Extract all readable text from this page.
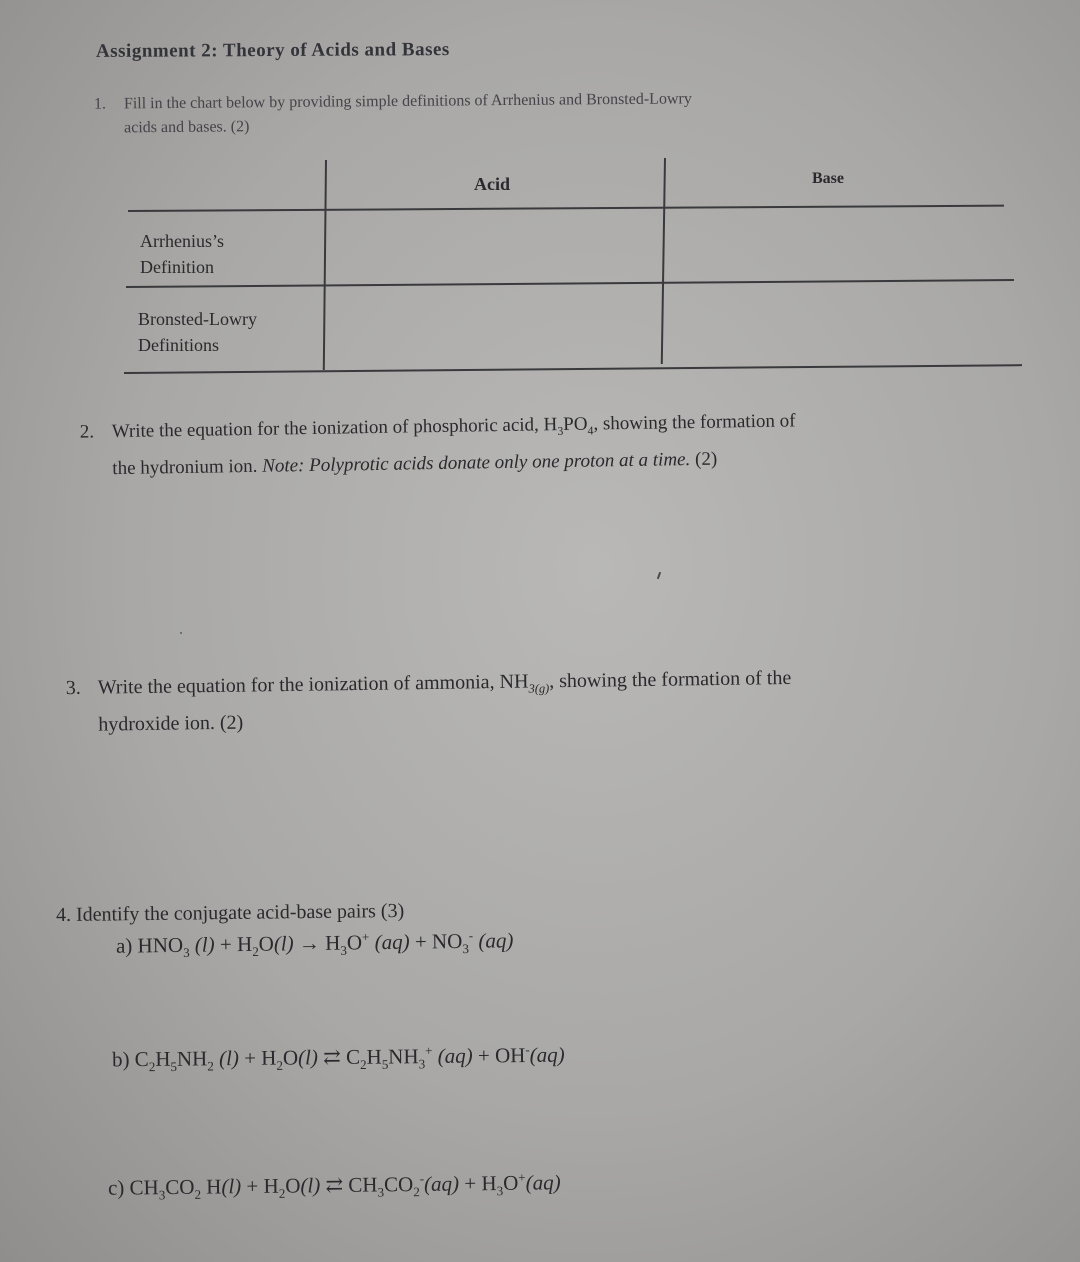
Assignment 2: Theory of Acids and Bases
1. Fill in the chart below by providing simple definitions of Arrhenius and Bronsted-Lowry
acids and bases. (2)
Acid	Base
Arrhenius’s
Definition
Bronsted-Lowry
Definitions
2. Write the equation for the ionization of phosphoric acid, $H_3PO_4$, showing the formation of
the hydronium ion. Note: Polyprotic acids donate only one proton at a time. (2)
3. Write the equation for the ionization of ammonia, $NH_{3(g)}$, showing the formation of the
hydroxide ion. (2)
4. Identify the conjugate acid-base pairs (3)
a) $HNO_3$ $(l) + H_2O(l) \to H_3O^+$ $(aq) + NO_3^-$ (aq)
b) $C_2H_5NH_2$ $(l) + H_2O(l)$ ⇄ $C_2H_5NH_3^+$ (aq) + OH-(aq)
c) $CH_3CO_2$ $H(l) + H_2O(l)$ ⇄ $CH_3CO_2^-(aq) + H_3O^+(aq)$
